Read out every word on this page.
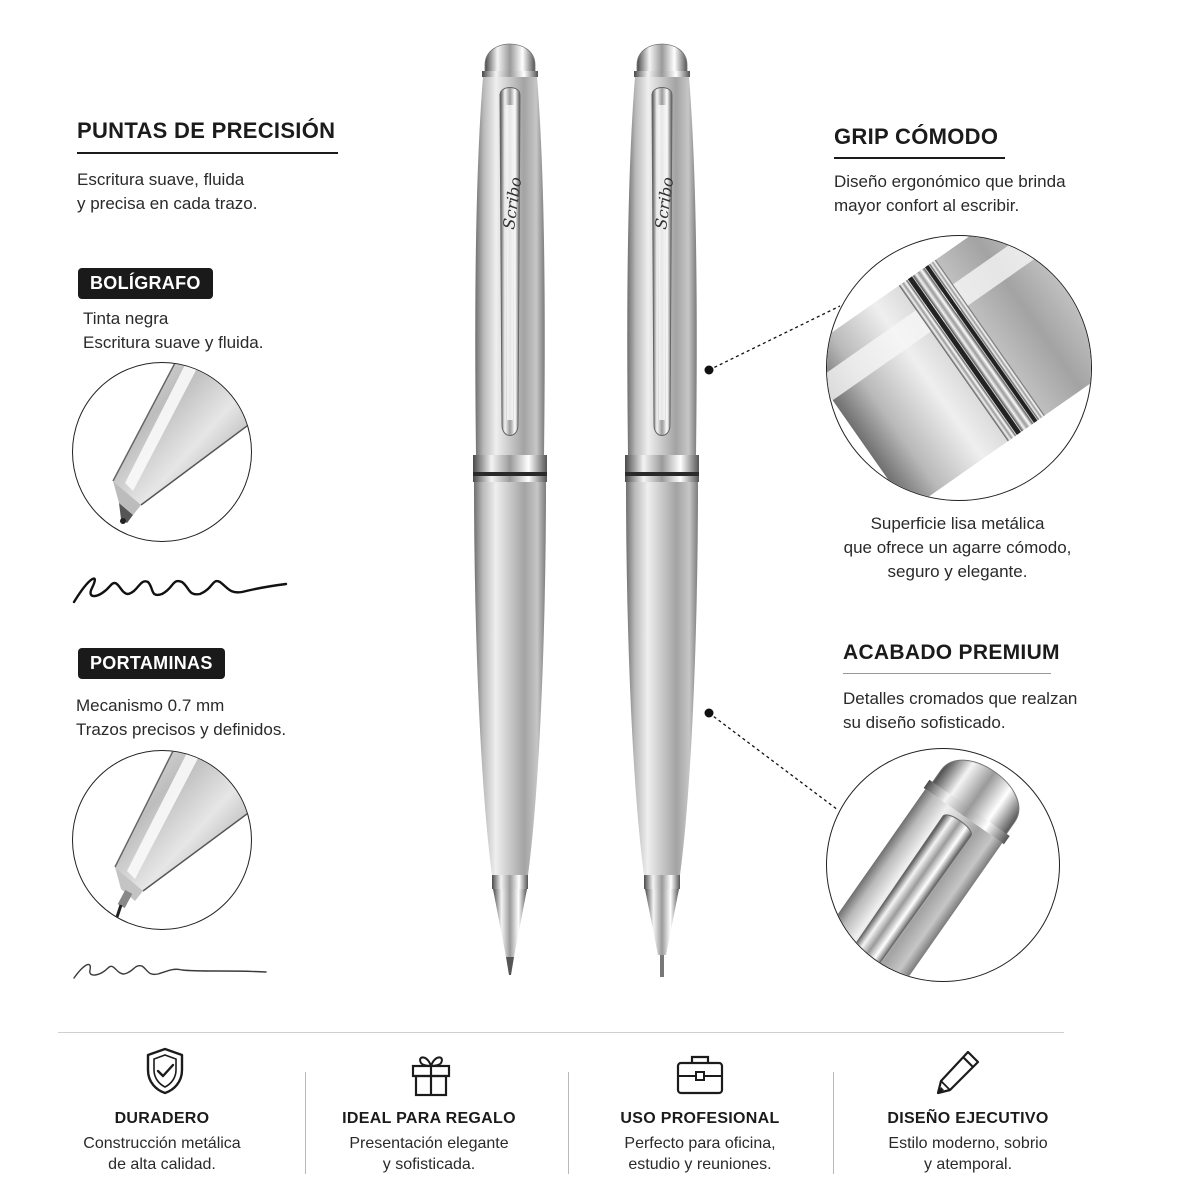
PUNTAS DE PRECISIÓN
Escritura suave, fluida
y precisa en cada trazo.
BOLÍGRAFO
Tinta negra
Escritura suave y fluida.
PORTAMINAS
Mecanismo 0.7 mm
Trazos precisos y definidos.
Scribo	Scribo
GRIP CÓMODO
Diseño ergonómico que brinda
mayor confort al escribir.
Superficie lisa metálica
que ofrece un agarre cómodo,
seguro y elegante.
ACABADO PREMIUM
Detalles cromados que realzan
su diseño sofisticado.
DURADERO
Construcción metálica
de alta calidad.
IDEAL PARA REGALO
Presentación elegante
y sofisticada.
USO PROFESIONAL
Perfecto para oficina,
estudio y reuniones.
DISEÑO EJECUTIVO
Estilo moderno, sobrio
y atemporal.
